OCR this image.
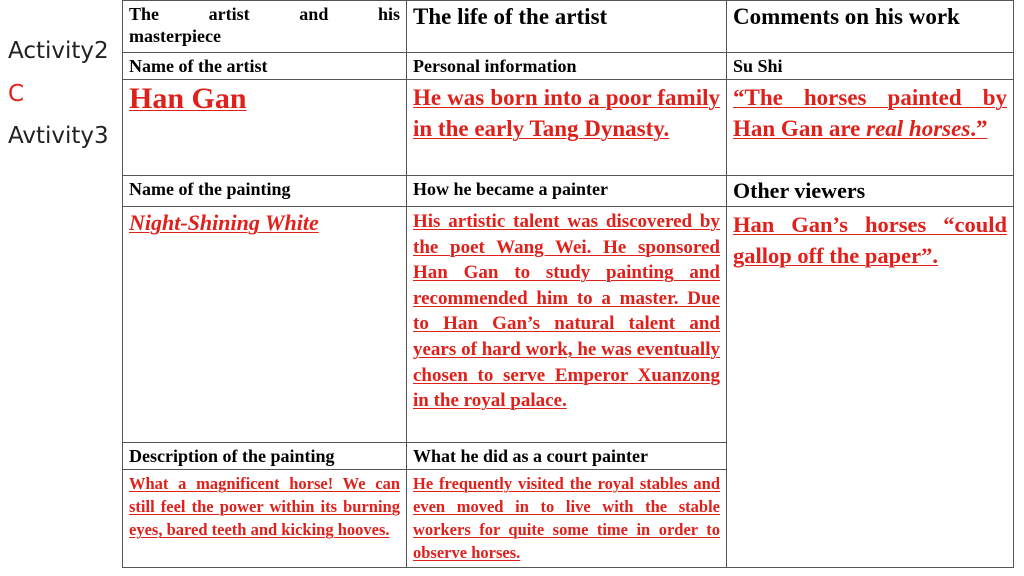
Activity2
C
Avtivity3
The artist and his
masterpiece	The life of the artist	Comments on his work

Name of the artist	Personal information	Su Shi

Han Gan	He was born into a poor family in the early Tang Dynasty.	“The horses painted by Han Gan are real horses.”

Name of the painting	How he became a painter	Other viewers

Night-Shining White	His artistic talent was discovered by the poet Wang Wei. He sponsored Han Gan to study painting and recommended him to a master. Due to Han Gan’s natural talent and years of hard work, he was eventually chosen to serve Emperor Xuanzong in the royal palace.	Han Gan’s horses “could gallop off the paper”.

Description of the painting	What he did as a court painter	

What a magnificent horse! We can still feel the power within its burning eyes, bared teeth and kicking hooves.	He frequently visited the royal stables and even moved in to live with the stable workers for quite some time in order to observe horses.	
